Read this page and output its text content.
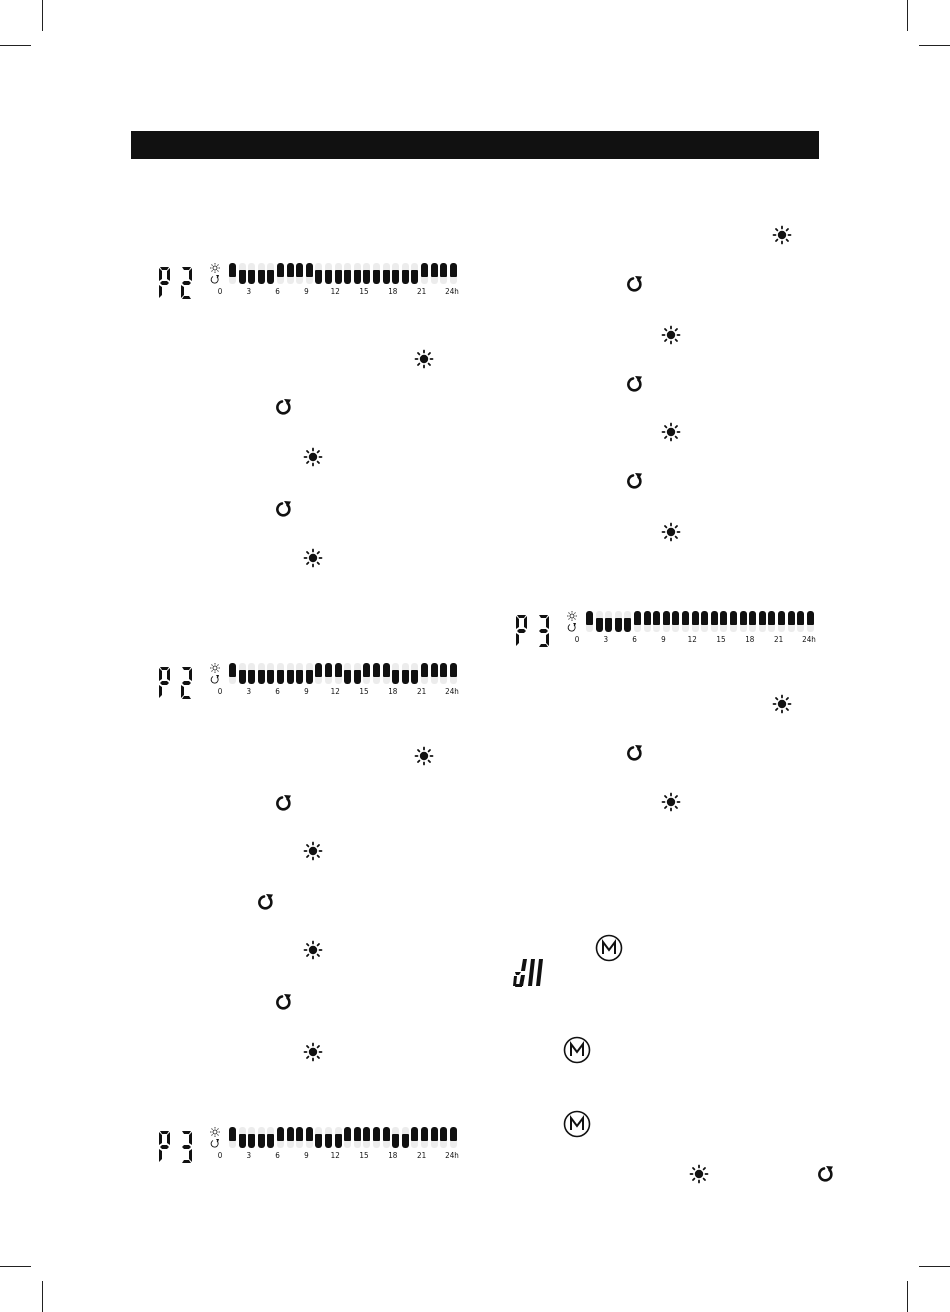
0	3	6	9	12 15 18 21 24h
0	3	6	9	12 15 18 21 24h
0	3	6	9	12 15 18 21 24h
0	3	6	9	12 15 18 21 24h
